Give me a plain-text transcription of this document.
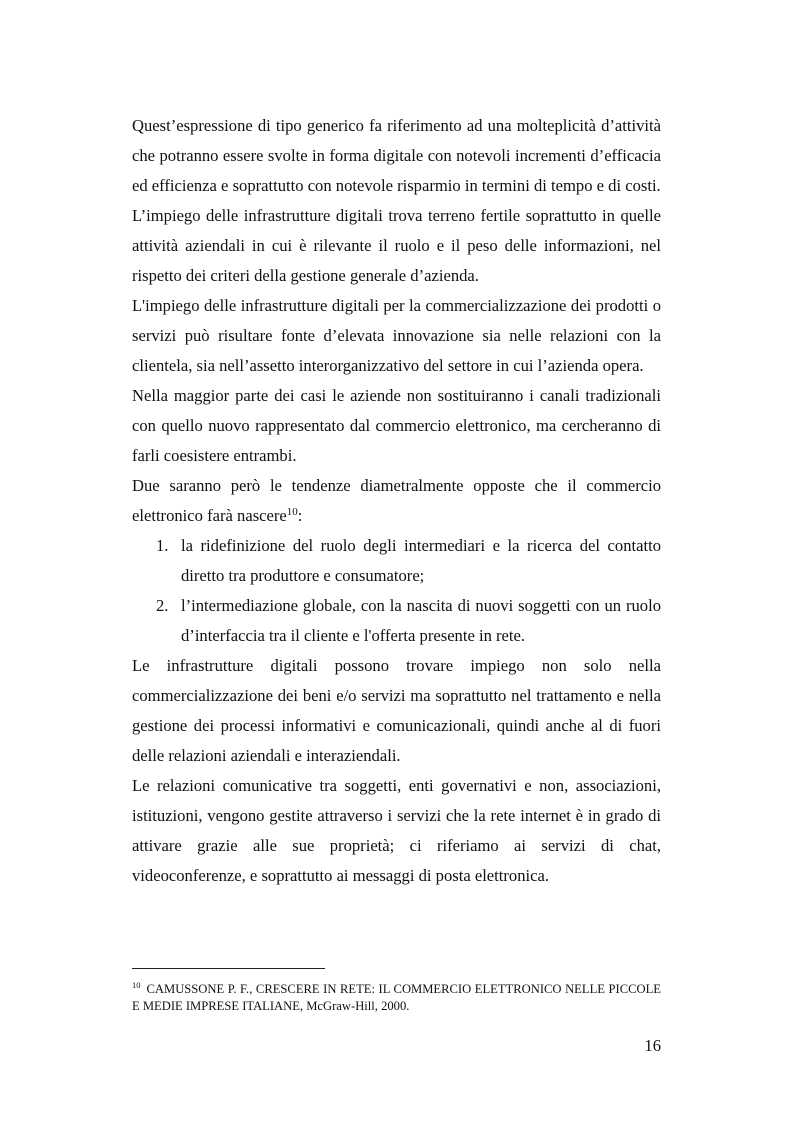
Quest’espressione di tipo generico fa riferimento ad una molteplicità d’attività che potranno essere svolte in forma digitale con notevoli incrementi d’efficacia ed efficienza e soprattutto con notevole risparmio in termini di tempo e di costi.

L’impiego delle infrastrutture digitali trova terreno fertile soprattutto in quelle attività aziendali in cui è rilevante il ruolo e il peso delle informazioni, nel rispetto dei criteri della gestione generale d’azienda.

L'impiego delle infrastrutture digitali per la commercializzazione dei prodotti o servizi può risultare fonte d’elevata innovazione sia nelle relazioni con la clientela, sia nell’assetto interorganizzativo del settore in cui l’azienda opera.

Nella maggior parte dei casi le aziende non sostituiranno i canali tradizionali con quello nuovo rappresentato dal commercio elettronico, ma cercheranno di farli coesistere entrambi.

Due saranno però le tendenze diametralmente opposte che il commercio elettronico farà nascere$^{10}$:

1. la ridefinizione del ruolo degli intermediari e la ricerca del contatto diretto tra produttore e consumatore;
2. l’intermediazione globale, con la nascita di nuovi soggetti con un ruolo d’interfaccia tra il cliente e l'offerta presente in rete.

Le infrastrutture digitali possono trovare impiego non solo nella commercializzazione dei beni e/o servizi ma soprattutto nel trattamento e nella gestione dei processi informativi e comunicazionali, quindi anche al di fuori delle relazioni aziendali e interaziendali.

Le relazioni comunicative tra soggetti, enti governativi e non, associazioni, istituzioni, vengono gestite attraverso i servizi che la rete internet è in grado di attivare grazie alle sue proprietà; ci riferiamo ai servizi di chat, videoconferenze, e soprattutto ai messaggi di posta elettronica.

$^{10}$ CAMUSSONE P. F., CRESCERE IN RETE: IL COMMERCIO ELETTRONICO NELLE PICCOLE E MEDIE IMPRESE ITALIANE, McGraw-Hill, 2000.
16
